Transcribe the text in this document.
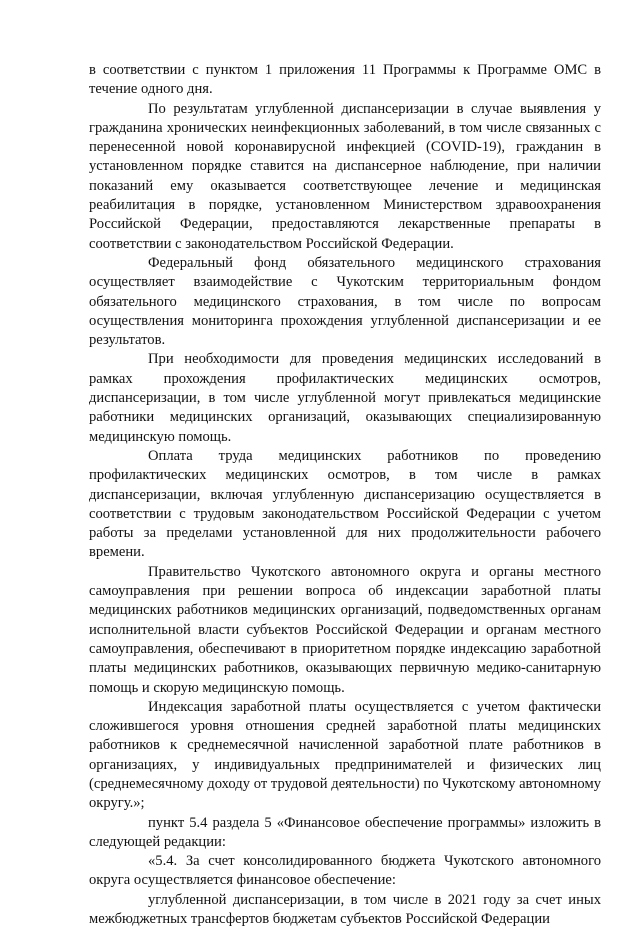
в соответствии с пунктом 1 приложения 11 Программы к Программе ОМС в течение одного дня.

По результатам углубленной диспансеризации в случае выявления у гражданина хронических неинфекционных заболеваний, в том числе связанных с перенесенной новой коронавирусной инфекцией (COVID-19), гражданин в установленном порядке ставится на диспансерное наблюдение, при наличии показаний ему оказывается соответствующее лечение и медицинская реабилитация в порядке, установленном Министерством здравоохранения Российской Федерации, предоставляются лекарственные препараты в соответствии с законодательством Российской Федерации.

Федеральный фонд обязательного медицинского страхования осуществляет взаимодействие с Чукотским территориальным фондом обязательного медицинского страхования, в том числе по вопросам осуществления мониторинга прохождения углубленной диспансеризации и ее результатов.

При необходимости для проведения медицинских исследований в рамках прохождения профилактических медицинских осмотров, диспансеризации, в том числе углубленной могут привлекаться медицинские работники медицинских организаций, оказывающих специализированную медицинскую помощь.

Оплата труда медицинских работников по проведению профилактических медицинских осмотров, в том числе в рамках диспансеризации, включая углубленную диспансеризацию осуществляется в соответствии с трудовым законодательством Российской Федерации с учетом работы за пределами установленной для них продолжительности рабочего времени.

Правительство Чукотского автономного округа и органы местного самоуправления при решении вопроса об индексации заработной платы медицинских работников медицинских организаций, подведомственных органам исполнительной власти субъектов Российской Федерации и органам местного самоуправления, обеспечивают в приоритетном порядке индексацию заработной платы медицинских работников, оказывающих первичную медико-санитарную помощь и скорую медицинскую помощь.

Индексация заработной платы осуществляется с учетом фактически сложившегося уровня отношения средней заработной платы медицинских работников к среднемесячной начисленной заработной плате работников в организациях, у индивидуальных предпринимателей и физических лиц (среднемесячному доходу от трудовой деятельности) по Чукотскому автономному округу.»;

пункт 5.4 раздела 5 «Финансовое обеспечение программы» изложить в следующей редакции:

«5.4. За счет консолидированного бюджета Чукотского автономного округа осуществляется финансовое обеспечение:

углубленной диспансеризации, в том числе в 2021 году за счет иных межбюджетных трансфертов бюджетам субъектов Российской Федерации
